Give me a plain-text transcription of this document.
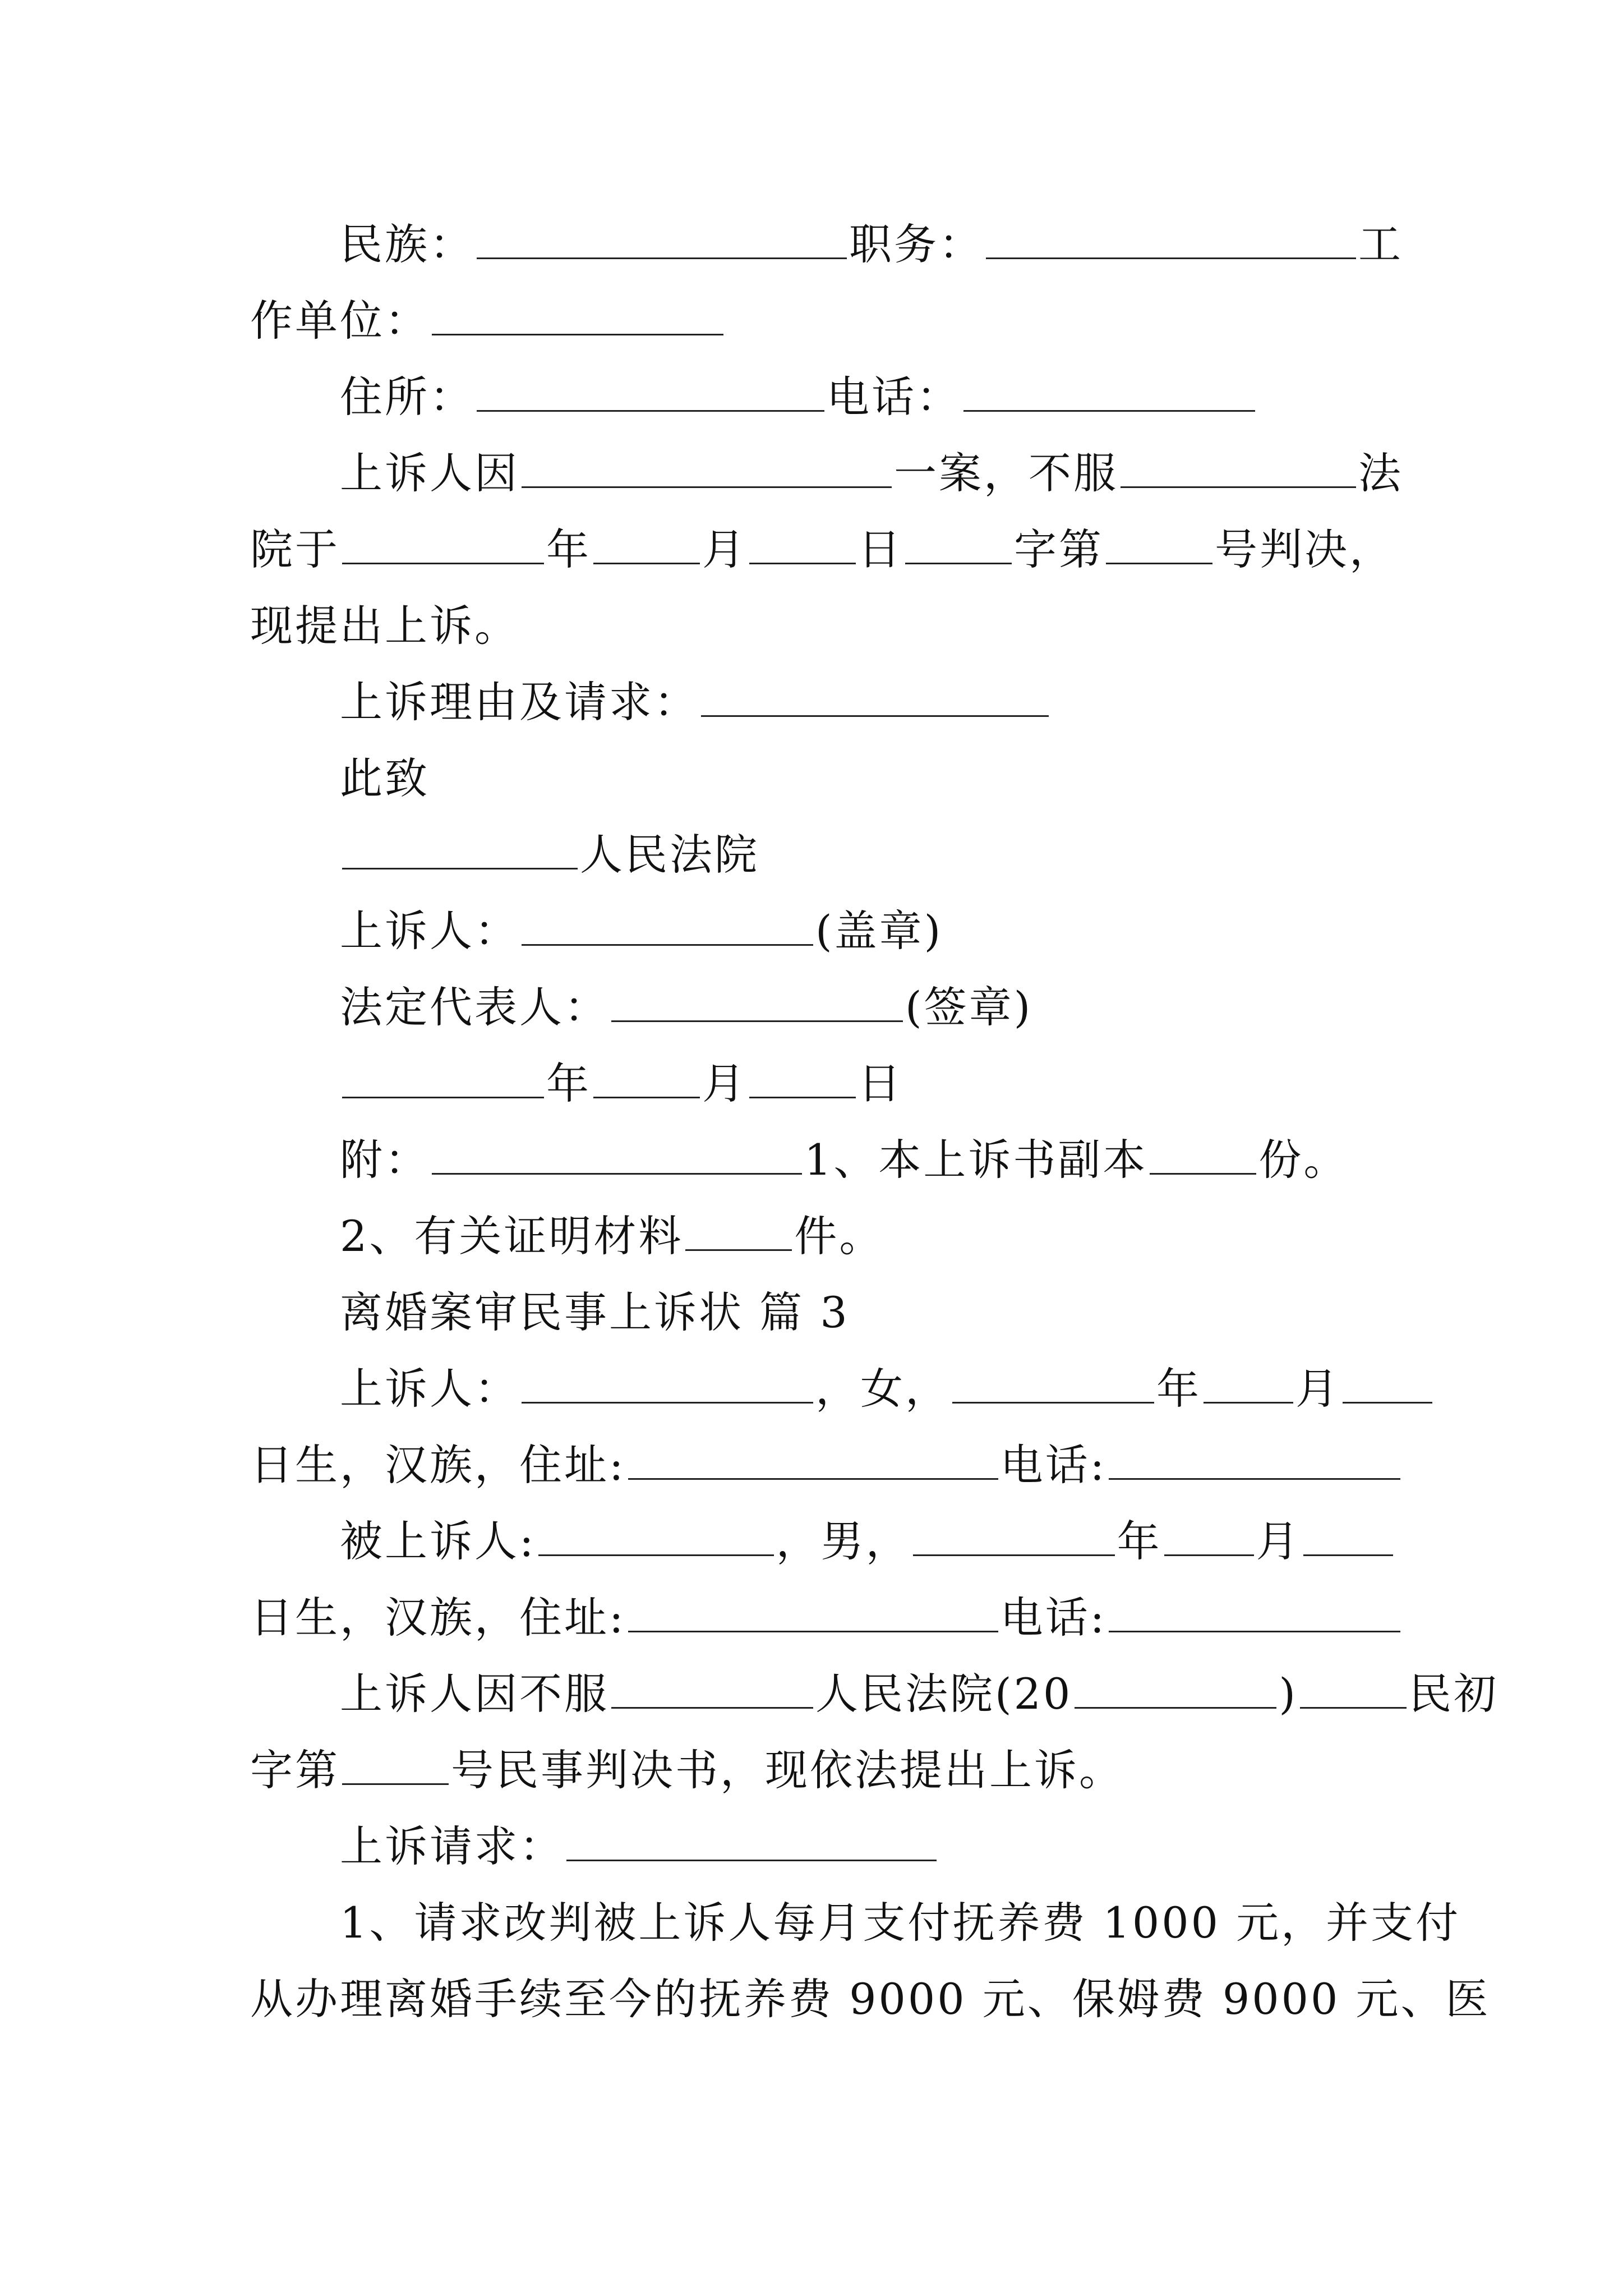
民族：	职务：	工
作单位：
住所：	电话：
上诉人因	一案，不服	法
院于	年	月	日	字第	号判决，
现提出上诉。
上诉理由及请求：
此致
人民法院
上诉人：	(盖章)
法定代表人：	(签章)
年	月	日
附：	1、本上诉书副本	份。
2、有关证明材料	件。
离婚案审民事上诉状 篇 3
上诉人：	，女，	年 月
日生，汉族，住址:	电话:
被上诉人:	，男，	年 月
日生，汉族，住址:	电话:
上诉人因不服	人民法院(20	)	民初
字第	号民事判决书，现依法提出上诉。
上诉请求：
1、请求改判被上诉人每月支付抚养费 1000 元，并支付
从办理离婚手续至今的抚养费 9000 元、保姆费 9000 元、医
